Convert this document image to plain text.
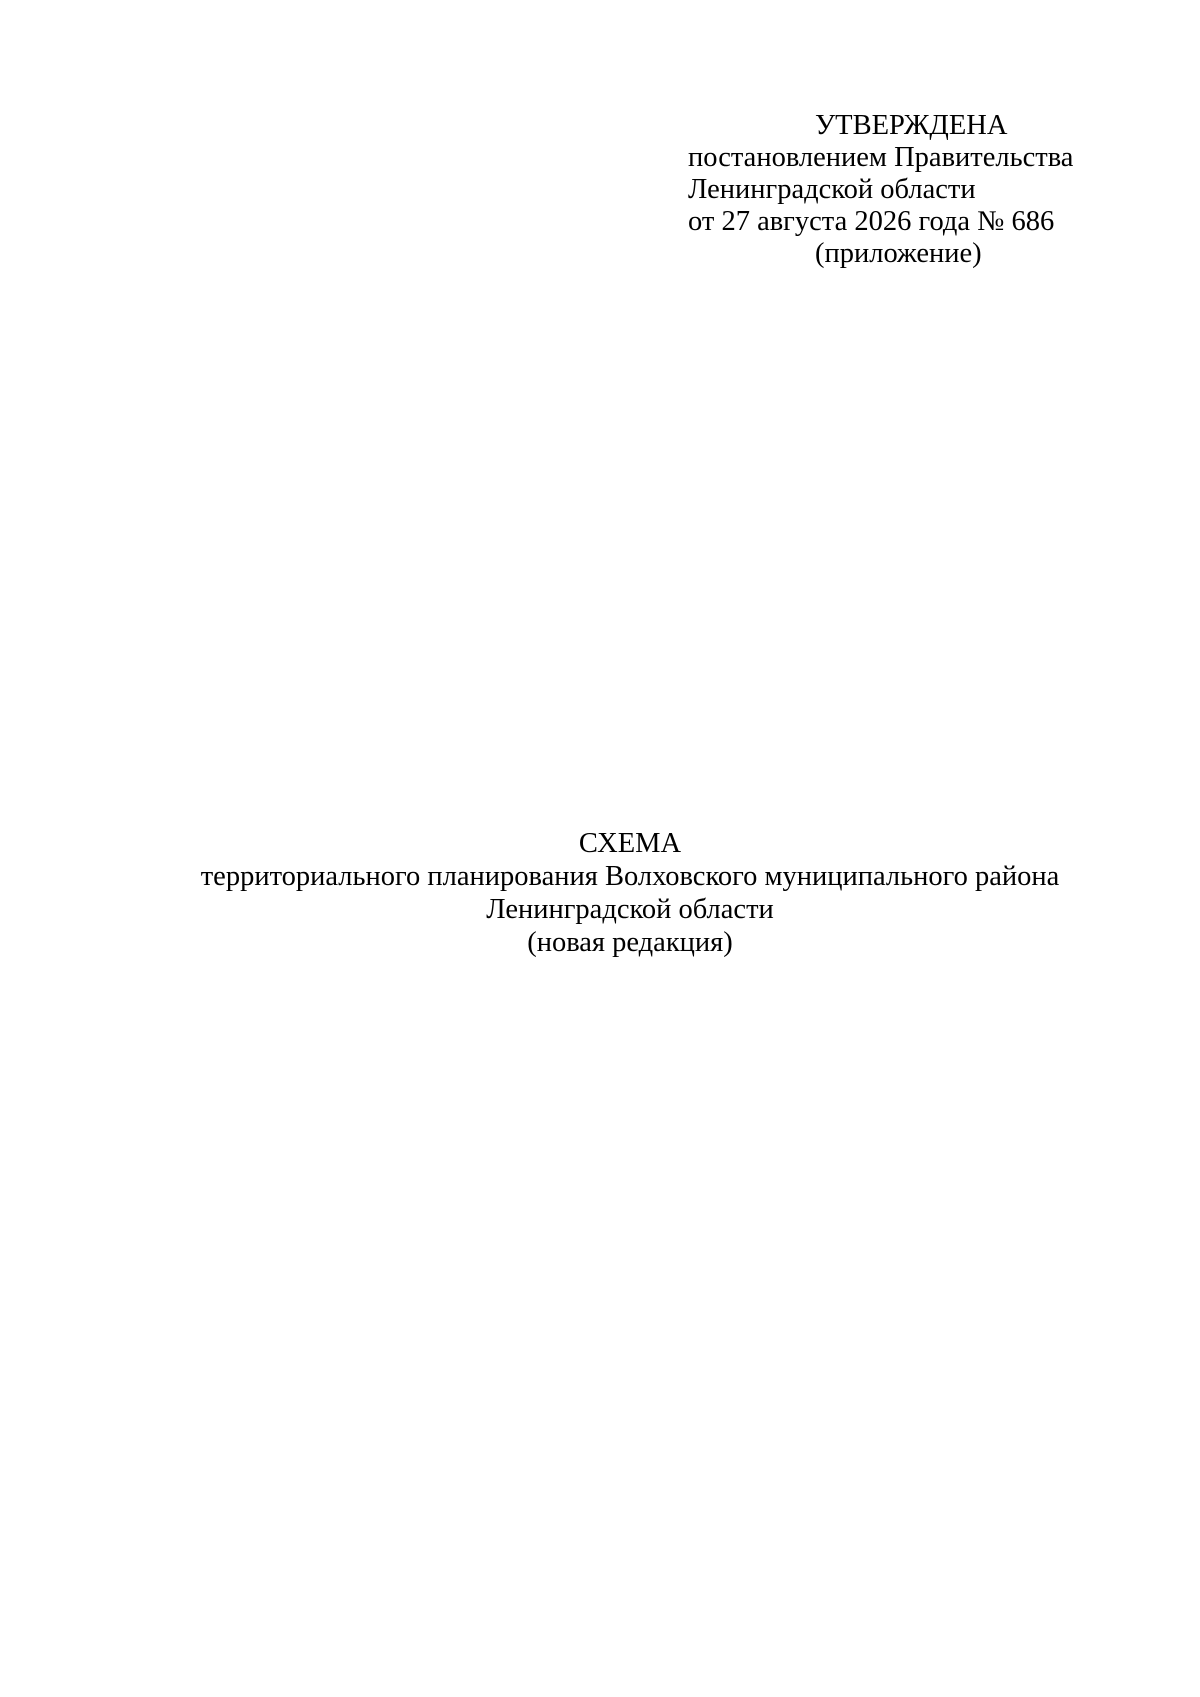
УТВЕРЖДЕНА
постановлением Правительства
Ленинградской области
от 27 августа 2026 года № 686
(приложение)
СХЕМА
территориального планирования Волховского муниципального района
Ленинградской области
(новая редакция)
